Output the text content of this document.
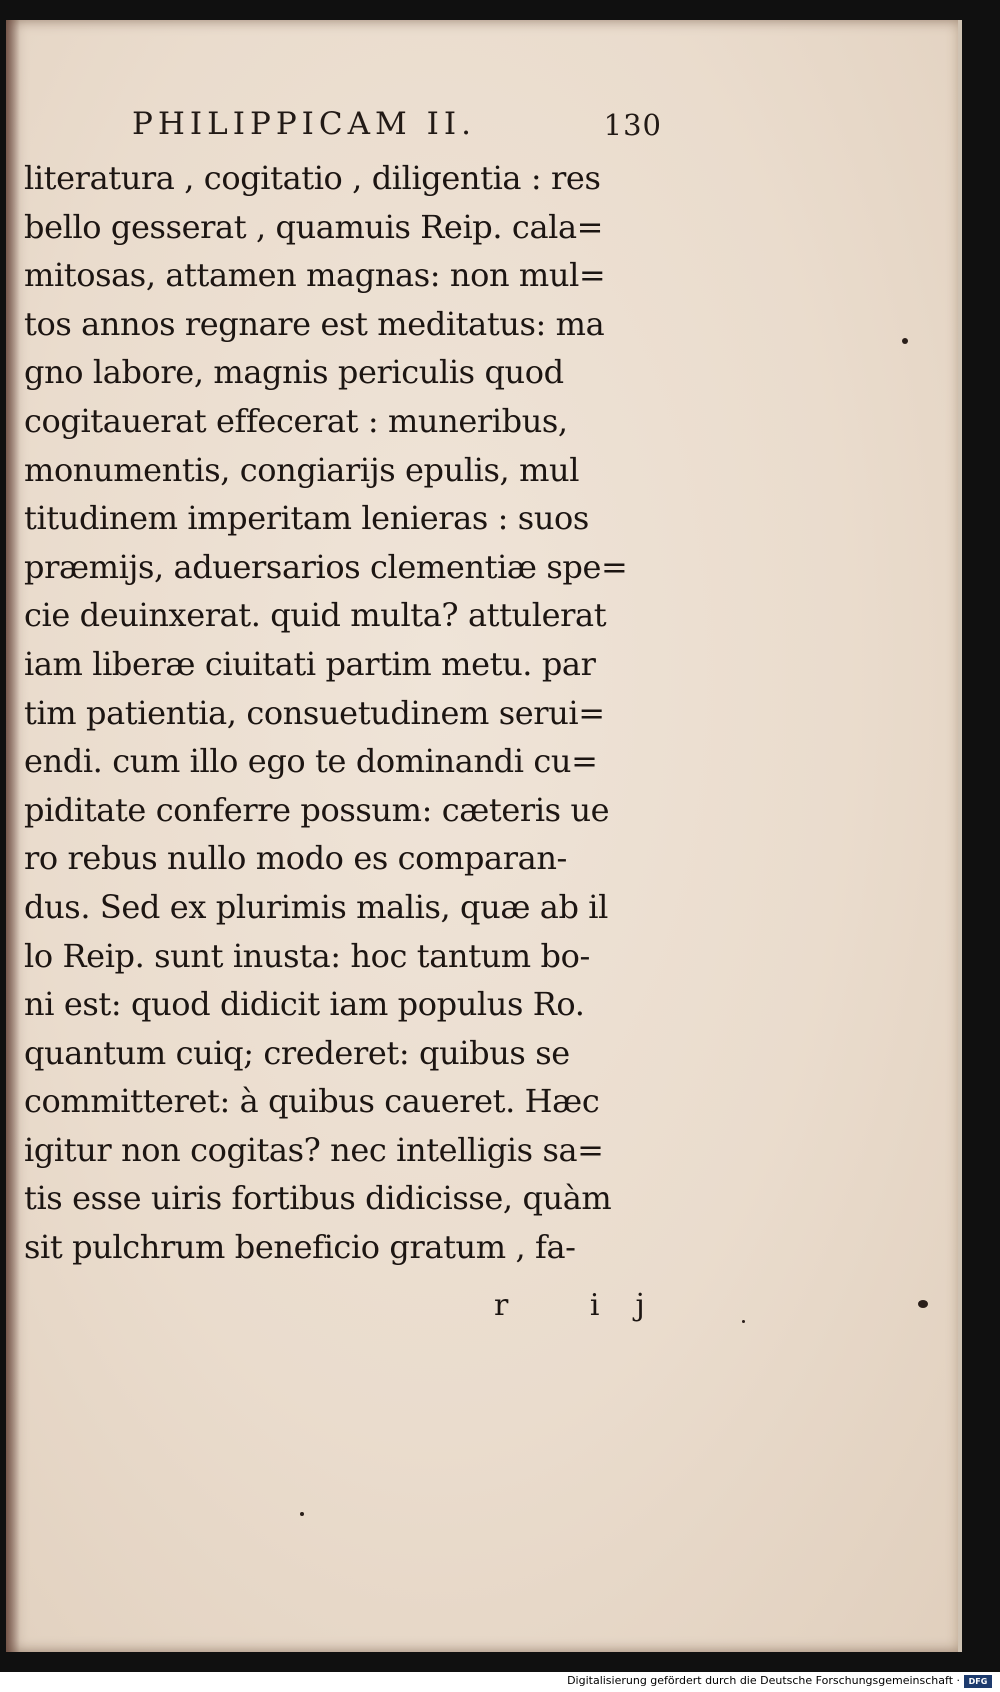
PHILIPPICAM II.	130
literatura , cogitatio , diligentia : res
bello gesserat , quamuis Reip. cala=
mitosas, attamen magnas: non mul=
tos annos regnare est meditatus: ma
gno labore, magnis periculis quod
cogitauerat effecerat : muneribus,
monumentis, congiarijs epulis, mul
titudinem imperitam lenieras : suos
præmijs, aduersarios clementiæ spe=
cie deuinxerat. quid multa? attulerat
iam liberæ ciuitati partim metu. par
tim patientia, consuetudinem serui=
endi. cum illo ego te dominandi cu=
piditate conferre possum: cæteris ue
ro rebus nullo modo es comparan-
dus. Sed ex plurimis malis, quæ ab il
lo Reip. sunt inusta: hoc tantum bo-
ni est: quod didicit iam populus Ro.
quantum cuiq; crederet: quibus se
committeret: à quibus caueret. Hæc
igitur non cogitas? nec intelligis sa=
tis esse uiris fortibus didicisse, quàm
sit pulchrum beneficio gratum , fa-
r ij
Digitalisierung gefördert durch die Deutsche Forschungsgemeinschaft ·	DFG
